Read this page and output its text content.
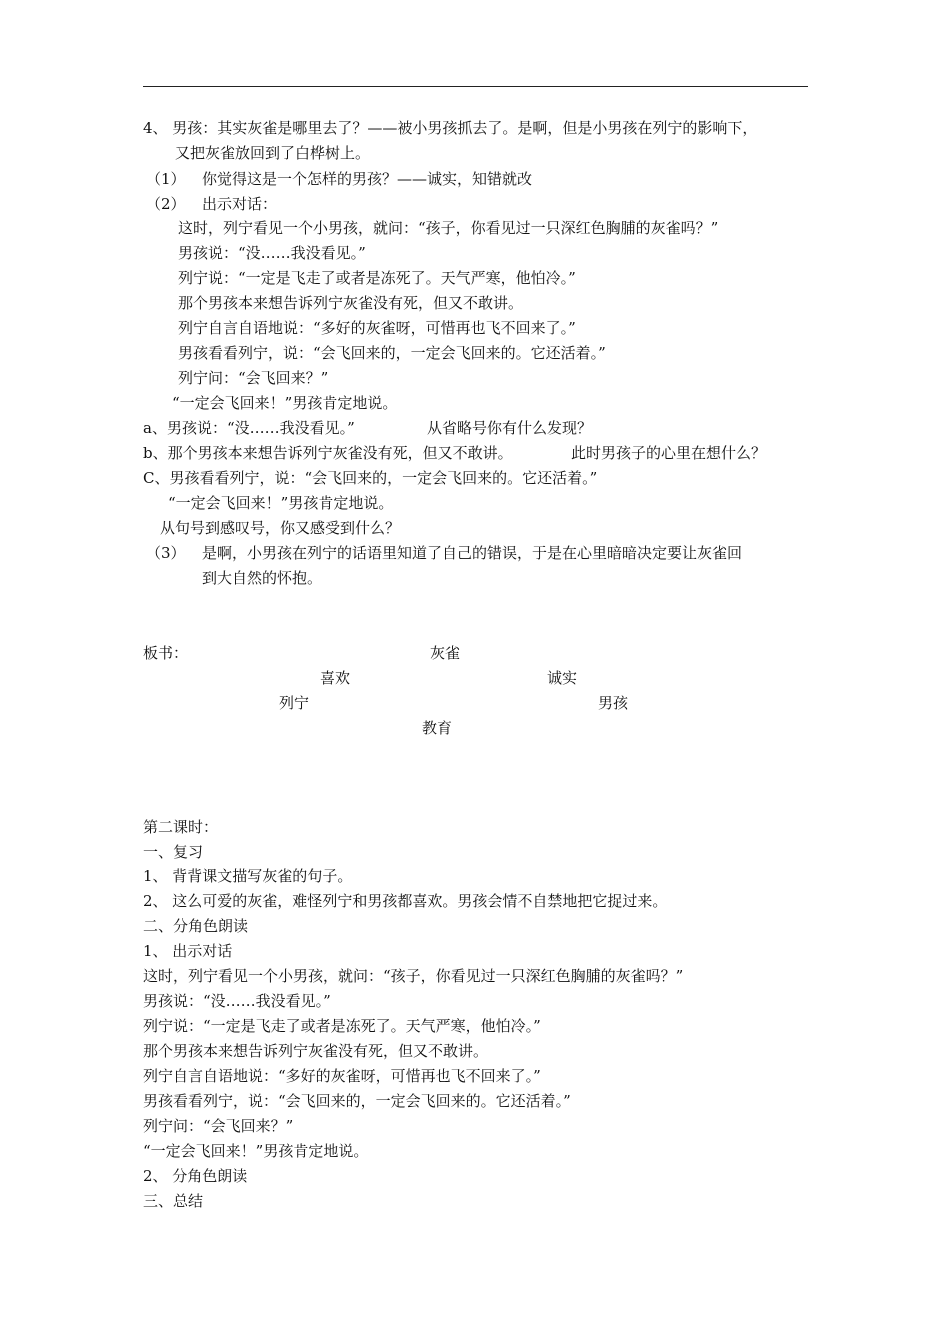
4、 男孩：其实灰雀是哪里去了？——被小男孩抓去了。是啊，但是小男孩在列宁的影响下，
又把灰雀放回到了白桦树上。
（1） 你觉得这是一个怎样的男孩？——诚实，知错就改
（2） 出示对话：
这时，列宁看见一个小男孩，就问：“孩子，你看见过一只深红色胸脯的灰雀吗？”
男孩说：“没……我没看见。”
列宁说：“一定是飞走了或者是冻死了。天气严寒，他怕冷。”
那个男孩本来想告诉列宁灰雀没有死，但又不敢讲。
列宁自言自语地说：“多好的灰雀呀，可惜再也飞不回来了。”
男孩看看列宁，说：“会飞回来的，一定会飞回来的。它还活着。”
列宁问：“会飞回来？”
“一定会飞回来！”男孩肯定地说。
a、男孩说：“没……我没看见。”	从省略号你有什么发现？
b、那个男孩本来想告诉列宁灰雀没有死，但又不敢讲。	此时男孩子的心里在想什么？
C、男孩看看列宁，说：“会飞回来的，一定会飞回来的。它还活着。”
“一定会飞回来！”男孩肯定地说。
从句号到感叹号，你又感受到什么？
（3） 是啊，小男孩在列宁的话语里知道了自己的错误，于是在心里暗暗决定要让灰雀回
到大自然的怀抱。
板书：	灰雀
喜欢	诚实
列宁	男孩
教育
第二课时：
一、复习
1、 背背课文描写灰雀的句子。
2、 这么可爱的灰雀，难怪列宁和男孩都喜欢。男孩会情不自禁地把它捉过来。
二、分角色朗读
1、 出示对话
这时，列宁看见一个小男孩，就问：“孩子，你看见过一只深红色胸脯的灰雀吗？”
男孩说：“没……我没看见。”
列宁说：“一定是飞走了或者是冻死了。天气严寒，他怕冷。”
那个男孩本来想告诉列宁灰雀没有死，但又不敢讲。
列宁自言自语地说：“多好的灰雀呀，可惜再也飞不回来了。”
男孩看看列宁，说：“会飞回来的，一定会飞回来的。它还活着。”
列宁问：“会飞回来？”
“一定会飞回来！”男孩肯定地说。
2、 分角色朗读
三、总结
